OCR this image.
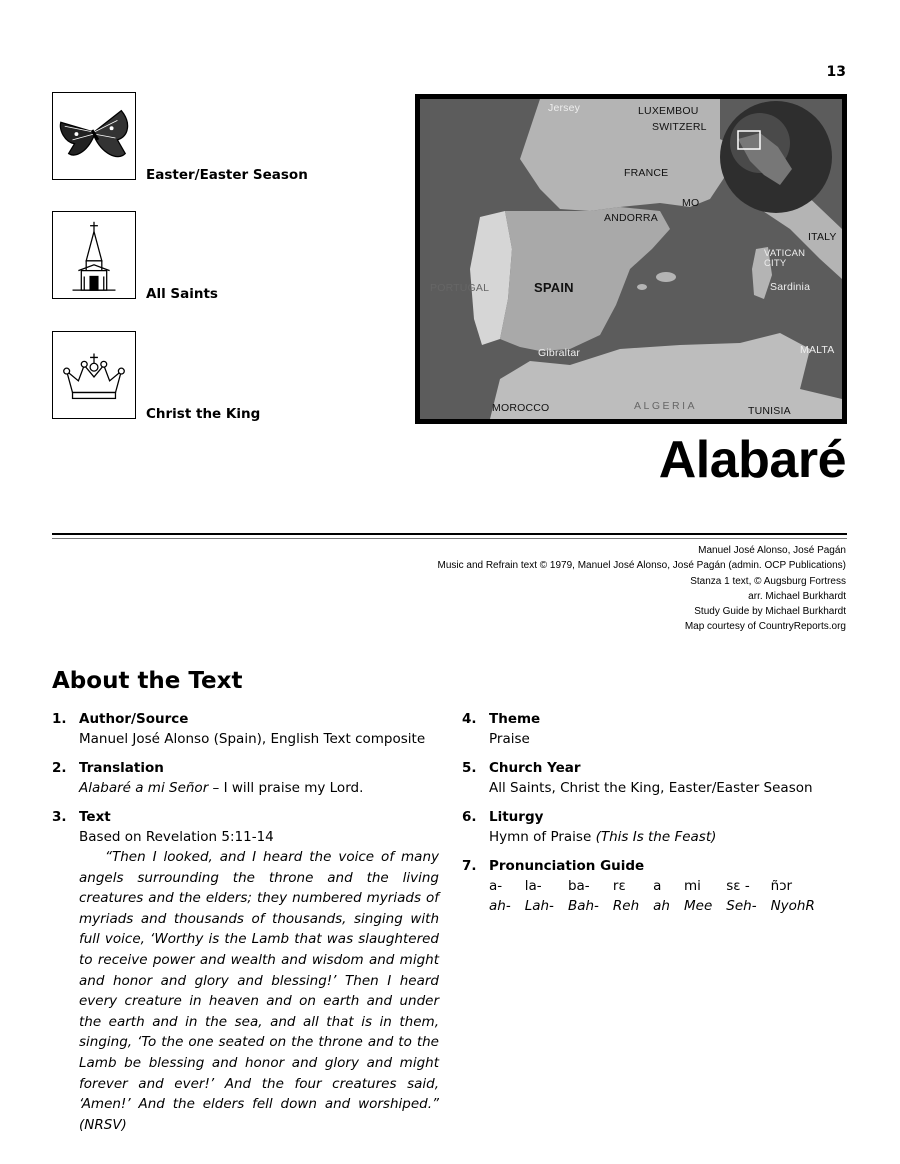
13
Easter/Easter Season
All Saints
Christ the King
Jersey	LUXEMBOU
SWITZERL
FRANCE
MO
ANDORRA
ITALY
VATICAN CITY
PORTUGAL	SPAIN	Sardinia
Gibraltar	MALTA
MOROCCO	ALGERIA	TUNISIA
Alabaré
Manuel José Alonso, José Pagán
Music and Refrain text © 1979, Manuel José Alonso, José Pagán (admin. OCP Publications)
Stanza 1 text, © Augsburg Fortress
arr. Michael Burkhardt
Study Guide by Michael Burkhardt
Map courtesy of CountryReports.org
About the Text
1. Author/Source
Manuel José Alonso (Spain), English Text composite
2. Translation
Alabaré a mi Señor – I will praise my Lord.
3. Text
Based on Revelation 5:11-14
“Then I looked, and I heard the voice of many angels surrounding the throne and the living creatures and the elders; they numbered myriads of myriads and thousands of thousands, singing with full voice, ‘Worthy is the Lamb that was slaughtered to receive power and wealth and wisdom and might and honor and glory and blessing!’ Then I heard every creature in heaven and on earth and under the earth and in the sea, and all that is in them, singing, ‘To the one seated on the throne and to the Lamb be blessing and honor and glory and might forever and ever!’ And the four creatures said, ‘Amen!’ And the elders fell down and worshiped.” (NRSV)
4. Theme
Praise
5. Church Year
All Saints, Christ the King, Easter/Easter Season
6. Liturgy
Hymn of Praise (This Is the Feast)
7. Pronunciation Guide
a-	la-	ba-	rɛ	a	mi	sɛ -	ñɔr
ah-	Lah-	Bah-	Reh	ah	Mee	Seh-	NyohR
